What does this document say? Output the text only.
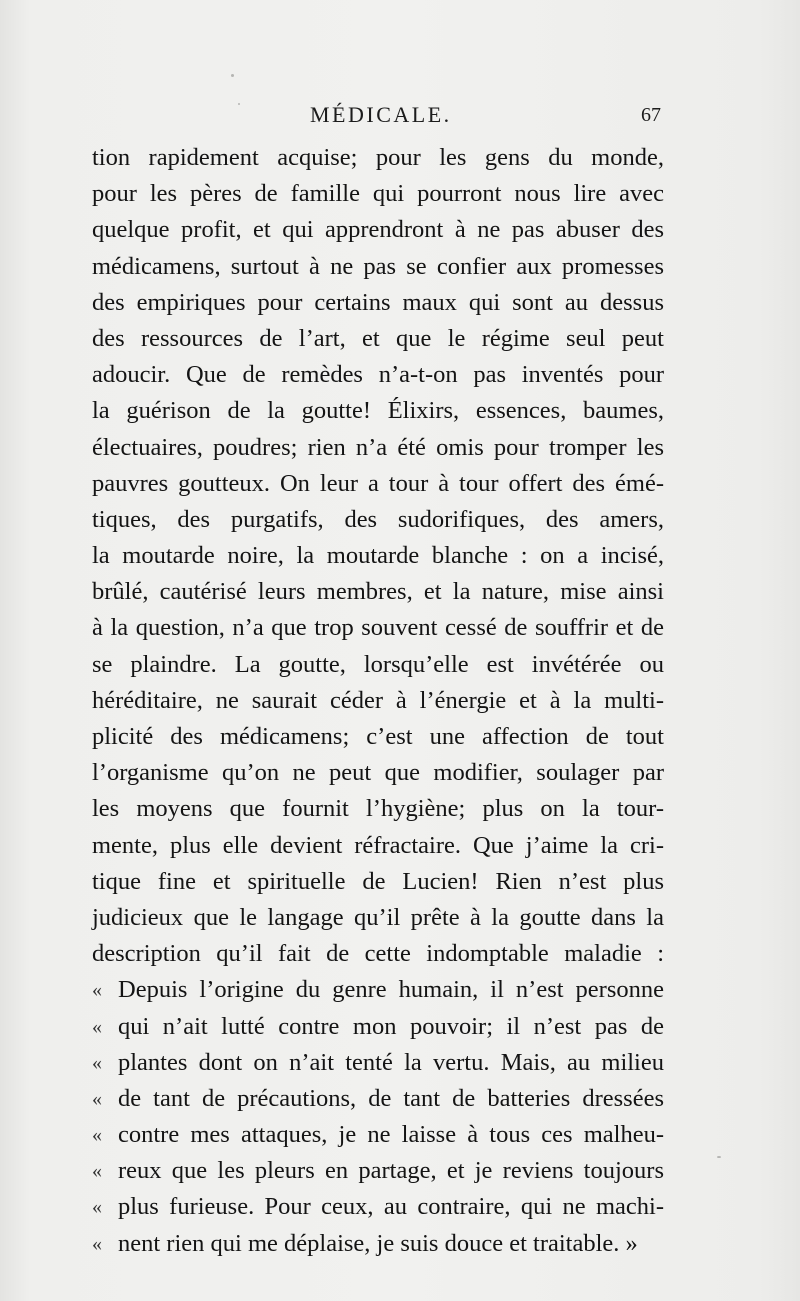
MÉDICALE.	67
tion rapidement acquise; pour les gens du monde,
pour les pères de famille qui pourront nous lire avec
quelque profit, et qui apprendront à ne pas abuser des
médicamens, surtout à ne pas se confier aux promesses
des empiriques pour certains maux qui sont au dessus
des ressources de l’art, et que le régime seul peut
adoucir. Que de remèdes n’a-t-on pas inventés pour
la guérison de la goutte! Élixirs, essences, baumes,
électuaires, poudres; rien n’a été omis pour tromper les
pauvres goutteux. On leur a tour à tour offert des émé-
tiques, des purgatifs, des sudorifiques, des amers,
la moutarde noire, la moutarde blanche : on a incisé,
brûlé, cautérisé leurs membres, et la nature, mise ainsi
à la question, n’a que trop souvent cessé de souffrir et de
se plaindre. La goutte, lorsqu’elle est invétérée ou
héréditaire, ne saurait céder à l’énergie et à la multi-
plicité des médicamens; c’est une affection de tout
l’organisme qu’on ne peut que modifier, soulager par
les moyens que fournit l’hygiène; plus on la tour-
mente, plus elle devient réfractaire. Que j’aime la cri-
tique fine et spirituelle de Lucien! Rien n’est plus
judicieux que le langage qu’il prête à la goutte dans la
description qu’il fait de cette indomptable maladie :
« Depuis l’origine du genre humain, il n’est personne
« qui n’ait lutté contre mon pouvoir; il n’est pas de
« plantes dont on n’ait tenté la vertu. Mais, au milieu
« de tant de précautions, de tant de batteries dressées
« contre mes attaques, je ne laisse à tous ces malheu-
« reux que les pleurs en partage, et je reviens toujours
« plus furieuse. Pour ceux, au contraire, qui ne machi-
« nent rien qui me déplaise, je suis douce et traitable. »
